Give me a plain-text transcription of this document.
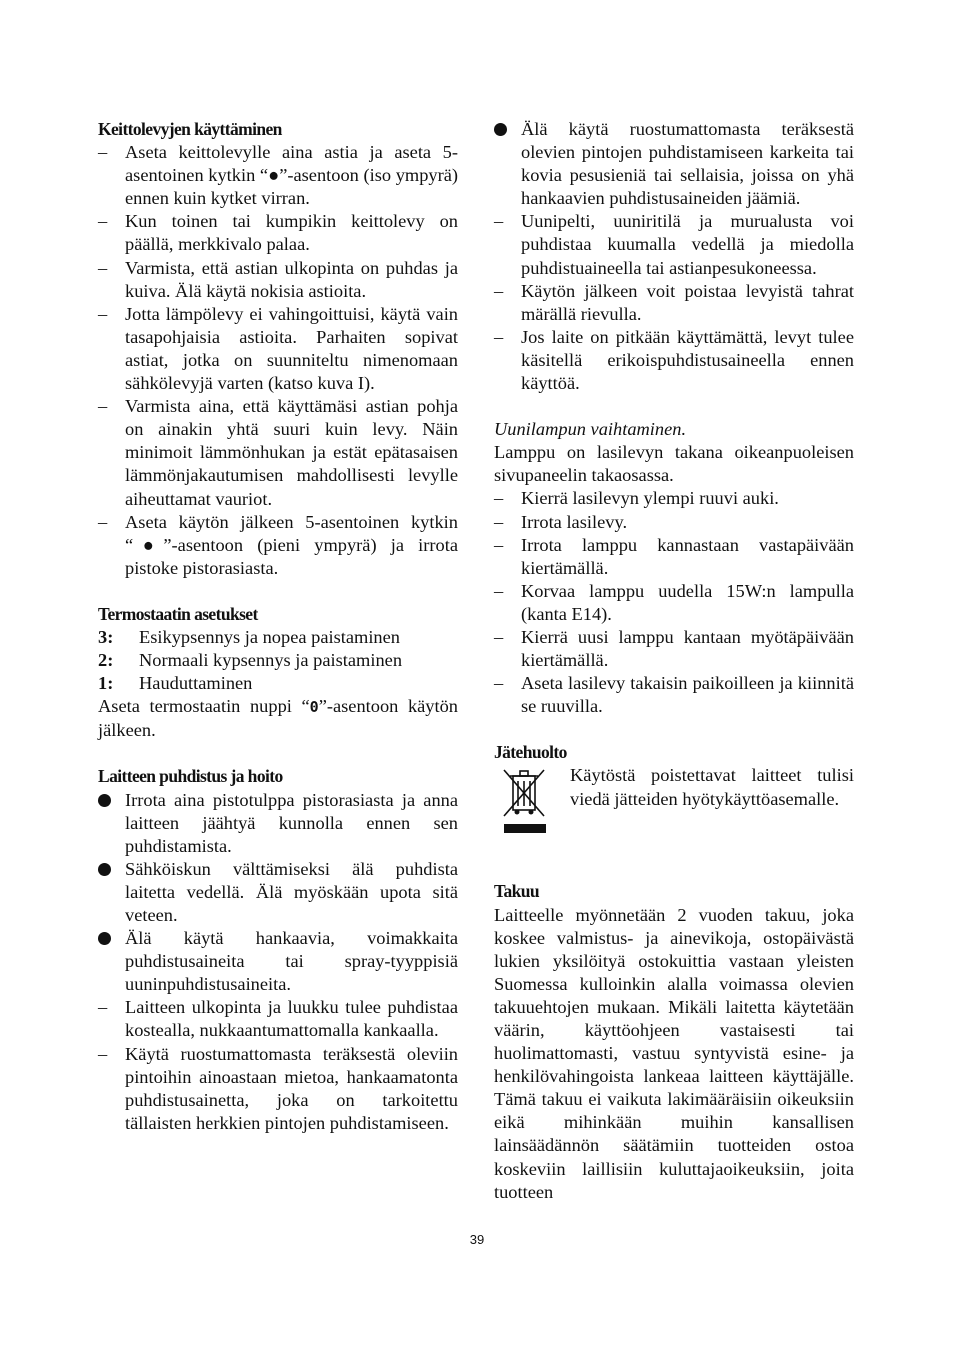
Keittolevyjen käyttäminen
– Aseta keittolevylle aina astia ja aseta 5-asentoinen kytkin “●”-asentoon (iso ympyrä) ennen kuin kytket virran.
– Kun toinen tai kumpikin keittolevy on päällä, merkkivalo palaa.
– Varmista, että astian ulkopinta on puhdas ja kuiva. Älä käytä nokisia astioita.
– Jotta lämpölevy ei vahingoittuisi, käytä vain tasapohjaisia astioita. Parhaiten sopivat astiat, jotka on suunniteltu nimenomaan sähkölevyjä varten (katso kuva I).
– Varmista aina, että käyttämäsi astian pohja on ainakin yhtä suuri kuin levy. Näin minimoit lämmönhukan ja estät epätasaisen lämmönjakautumisen mahdollisesti levylle aiheuttamat vauriot.
– Aseta käytön jälkeen 5-asentoinen kytkin “●”-asentoon (pieni ympyrä) ja irrota pistoke pistorasiasta.
Termostaatin asetukset
3: Esikypsennys ja nopea paistaminen
2: Normaali kypsennys ja paistaminen
1: Hauduttaminen

Aseta termostaatin nuppi “0”-asentoon käytön jälkeen.

Laitteen puhdistus ja hoito
Irrota aina pistotulppa pistorasiasta ja anna laitteen jäähtyä kunnolla ennen sen puhdistamista.
Sähköiskun välttämiseksi älä puhdista laitetta vedellä. Älä myöskään upota sitä veteen.
Älä käytä hankaavia, voimakkaita puhdistusaineita tai spray-tyyppisiä uuninpuhdistusaineita.
– Laitteen ulkopinta ja luukku tulee puhdistaa kostealla, nukkaantumattomalla kankaalla.
– Käytä ruostumattomasta teräksestä oleviin pintoihin ainoastaan mietoa, hankaamatonta puhdistusainetta, joka on tarkoitettu tällaisten herkkien pintojen puhdistamiseen.
Älä käytä ruostumattomasta teräksestä olevien pintojen puhdistamiseen karkeita tai kovia pesusieniä tai sellaisia, joissa on yhä hankaavien puhdistusaineiden jäämiä.
– Uunipelti, uuniritilä ja murualusta voi puhdistaa kuumalla vedellä ja miedolla puhdistuaineella tai astianpesukoneessa.
– Käytön jälkeen voit poistaa levyistä tahrat märällä rievulla.
– Jos laite on pitkään käyttämättä, levyt tulee käsitellä erikoispuhdistusaineella ennen käyttöä.

Uunilampun vaihtaminen.

Lamppu on lasilevyn takana oikeanpuoleisen sivupaneelin takaosassa.

– Kierrä lasilevyn ylempi ruuvi auki.
– Irrota lasilevy.
– Irrota lamppu kannastaan vastapäivään kiertämällä.
– Korvaa lamppu uudella 15W:n lampulla (kanta E14).
– Kierrä uusi lamppu kantaan myötäpäivään kiertämällä.
– Aseta lasilevy takaisin paikoilleen ja kiinnitä se ruuvilla.
Jätehuolto

Käytöstä poistettavat laitteet tulisi viedä jätteiden hyötykäyttöasemalle.

Takuu

Laitteelle myönnetään 2 vuoden takuu, joka koskee valmistus- ja ainevikoja, ostopäivästä lukien yksilöityä ostokuittia vastaan yleisten Suomessa kulloinkin alalla voimassa olevien takuuehtojen mukaan. Mikäli laitetta käytetään väärin, käyttöohjeen vastaisesti tai huolimattomasti, vastuu syntyvistä esine- ja henkilövahingoista lankeaa laitteen käyttäjälle. Tämä takuu ei vaikuta lakimääräisiin oikeuksiin eikä mihinkään muihin kansallisen lainsäädännön säätämiin tuotteiden ostoa koskeviin laillisiin kuluttajaoikeuksiin, joita tuotteen

39
